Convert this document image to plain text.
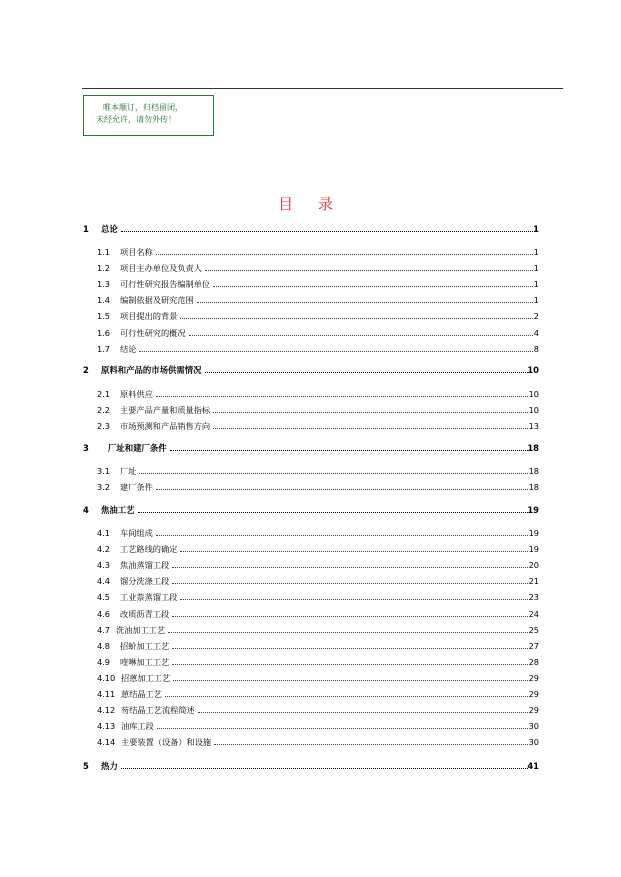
唯本顺订，归档留闭，
未经允许，请勿外传！
目 录
1 总论	1
1.1 项目名称	1
1.2 项目主办单位及负责人	1
1.3 可行性研究报告编制单位	1
1.4 编制依据及研究范围	1
1.5 项目提出的背景	2
1.6 可行性研究的概况	4
1.7 结论	8
2 原料和产品的市场供需情况	10
2.1 原料供应	10
2.2 主要产品产量和质量指标	10
2.3 市场预测和产品销售方向	13
3 厂址和建厂条件	18
3.1 厂址	18
3.2 建厂条件	18
4 焦油工艺	19
4.1 车间组成	19
4.2 工艺路线的确定	19
4.3 焦油蒸馏工段	20
4.4 馏分洗涤工段	21
4.5 工业萘蒸馏工段	23
4.6 改质沥青工段	24
4.7 洗油加工工艺	25
4.8 招蚧加工工艺	27
4.9 喹啉加工工艺	28
4.10 招蒽加工工艺	29
4.11 葸结晶工艺	29
4.12 芴结晶工艺流程简述	29
4.13 油库工段	30
4.14 主要装置（设备）和设施	30
5 热力	41
